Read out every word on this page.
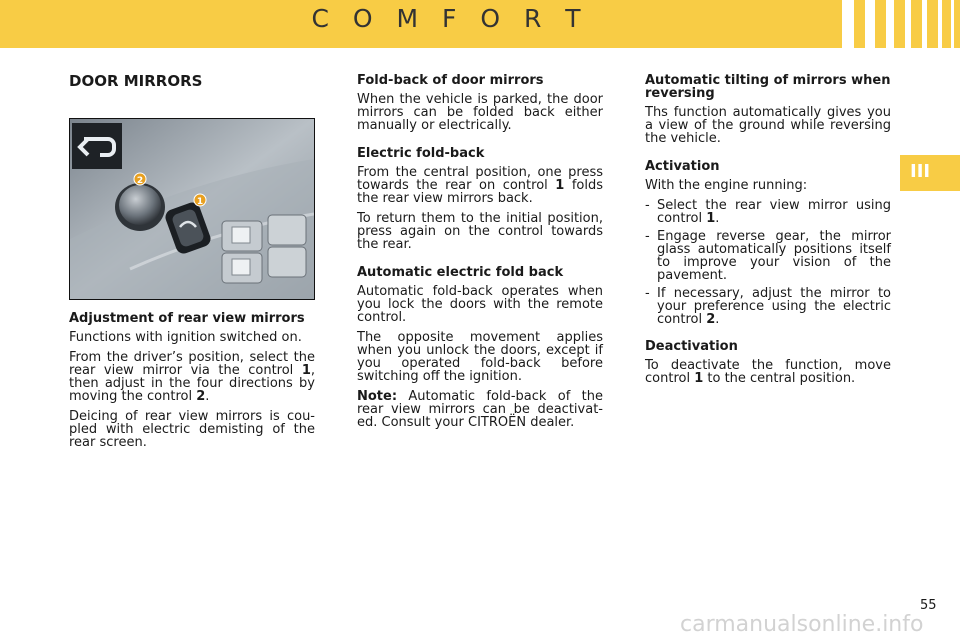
C O M F O R T
III
DOOR MIRRORS
2
1
Adjustment of rear view mirrors

Functions with ignition switched on.

From the driver’s position, select the rear view mirror via the control 1, then adjust in the four directions by moving the control 2.

Deicing of rear view mirrors is cou-pled with electric demisting of the rear screen.

Fold-back of door mirrors

When the vehicle is parked, the door mirrors can be folded back either manually or electrically.

Electric fold-back

From the central position, one press towards the rear on control 1 folds the rear view mirrors back.

To return them to the initial position, press again on the control towards the rear.

Automatic electric fold back

Automatic fold-back operates when you lock the doors with the remote control.

The opposite movement applies when you unlock the doors, except if you operated fold-back before switching off the ignition.

Note: Automatic fold-back of the rear view mirrors can be deactivat-ed. Consult your CITROËN dealer.

Automatic tilting of mirrors when reversing

Ths function automatically gives you a view of the ground while reversing the vehicle.

Activation

With the engine running:

- Select the rear view mirror using control 1.
- Engage reverse gear, the mirror glass automatically positions itself to improve your vision of the pavement.
- If necessary, adjust the mirror to your preference using the electric control 2.
Deactivation

To deactivate the function, move control 1 to the central position.

55
carmanualsonline.info
